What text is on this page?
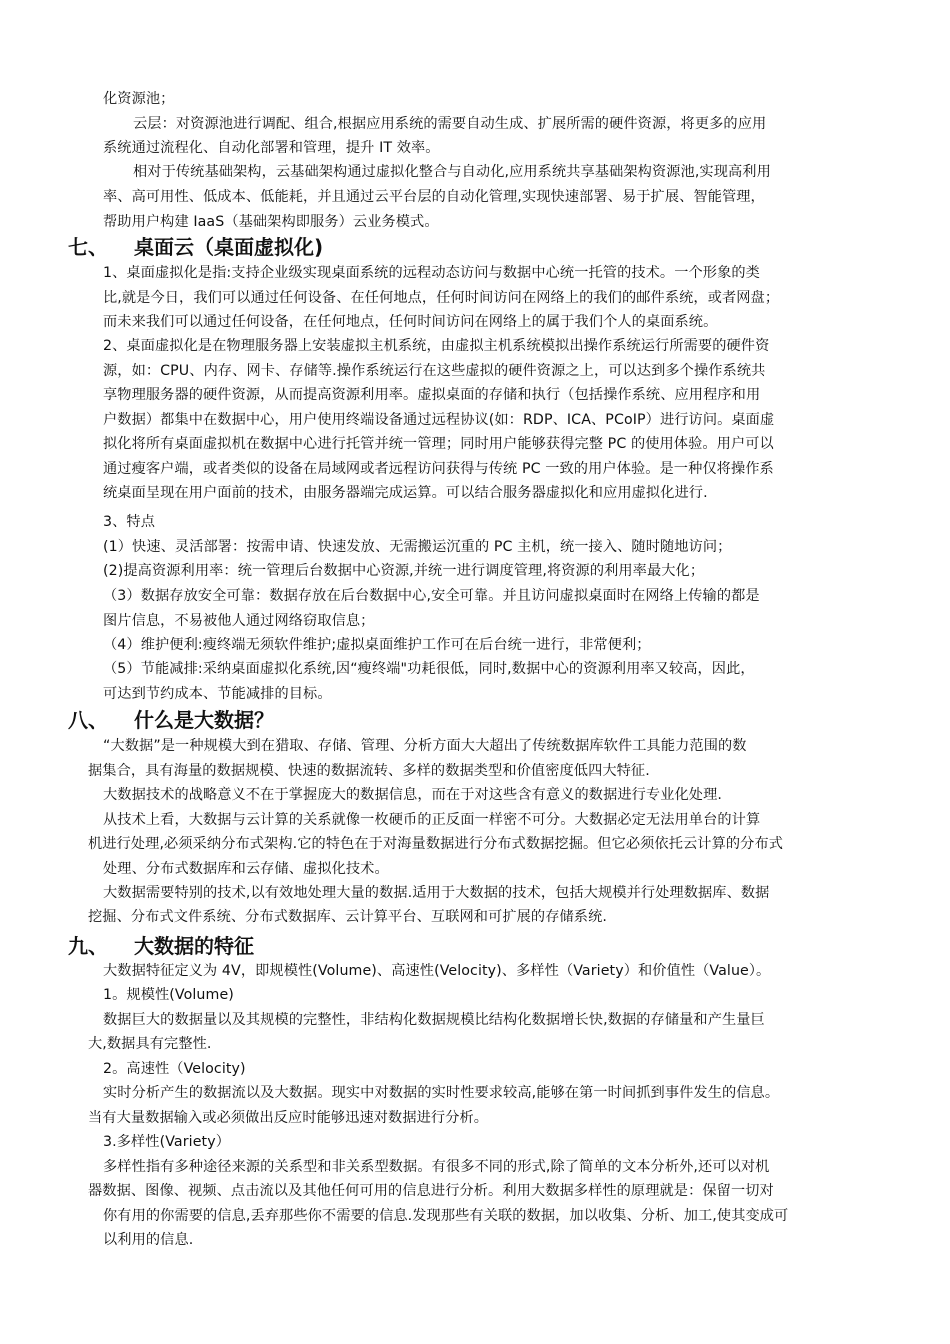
化资源池；
云层：对资源池进行调配、组合,根据应用系统的需要自动生成、扩展所需的硬件资源，将更多的应用
系统通过流程化、自动化部署和管理，提升 IT 效率。
相对于传统基础架构，云基础架构通过虚拟化整合与自动化,应用系统共享基础架构资源池,实现高利用
率、高可用性、低成本、低能耗，并且通过云平台层的自动化管理,实现快速部署、易于扩展、智能管理，
帮助用户构建 IaaS（基础架构即服务）云业务模式。
七、 桌面云（桌面虚拟化)
1、桌面虚拟化是指:支持企业级实现桌面系统的远程动态访问与数据中心统一托管的技术。一个形象的类
比,就是今日，我们可以通过任何设备、在任何地点，任何时间访问在网络上的我们的邮件系统，或者网盘；
而未来我们可以通过任何设备，在任何地点，任何时间访问在网络上的属于我们个人的桌面系统。
2、桌面虚拟化是在物理服务器上安装虚拟主机系统，由虚拟主机系统模拟出操作系统运行所需要的硬件资
源，如：CPU、内存、网卡、存储等.操作系统运行在这些虚拟的硬件资源之上，可以达到多个操作系统共
享物理服务器的硬件资源，从而提高资源利用率。虚拟桌面的存储和执行（包括操作系统、应用程序和用
户数据）都集中在数据中心，用户使用终端设备通过远程协议(如：RDP、ICA、PCoIP）进行访问。桌面虚
拟化将所有桌面虚拟机在数据中心进行托管并统一管理；同时用户能够获得完整 PC 的使用体验。用户可以
通过瘦客户端，或者类似的设备在局域网或者远程访问获得与传统 PC 一致的用户体验。是一种仅将操作系
统桌面呈现在用户面前的技术，由服务器端完成运算。可以结合服务器虚拟化和应用虚拟化进行.
3、特点
(1）快速、灵活部署：按需申请、快速发放、无需搬运沉重的 PC 主机，统一接入、随时随地访问；
(2)提高资源利用率：统一管理后台数据中心资源,并统一进行调度管理,将资源的利用率最大化；
（3）数据存放安全可靠：数据存放在后台数据中心,安全可靠。并且访问虚拟桌面时在网络上传输的都是
图片信息，不易被他人通过网络窃取信息；
（4）维护便利:瘦终端无须软件维护;虚拟桌面维护工作可在后台统一进行，非常便利；
（5）节能减排:采纳桌面虚拟化系统,因“瘦终端"功耗很低，同时,数据中心的资源利用率又较高，因此，
可达到节约成本、节能减排的目标。
八、 什么是大数据？
“大数据”是一种规模大到在猎取、存储、管理、分析方面大大超出了传统数据库软件工具能力范围的数
据集合，具有海量的数据规模、快速的数据流转、多样的数据类型和价值密度低四大特征.
大数据技术的战略意义不在于掌握庞大的数据信息，而在于对这些含有意义的数据进行专业化处理.
从技术上看，大数据与云计算的关系就像一枚硬币的正反面一样密不可分。大数据必定无法用单台的计算
机进行处理,必须采纳分布式架构.它的特色在于对海量数据进行分布式数据挖掘。但它必须依托云计算的分布式
处理、分布式数据库和云存储、虚拟化技术。
大数据需要特别的技术,以有效地处理大量的数据.适用于大数据的技术，包括大规模并行处理数据库、数据
挖掘、分布式文件系统、分布式数据库、云计算平台、互联网和可扩展的存储系统.
九、 大数据的特征
大数据特征定义为 4V，即规模性(Volume)、高速性(Velocity)、多样性（Variety）和价值性（Value）。
1。规模性(Volume)
数据巨大的数据量以及其规模的完整性，非结构化数据规模比结构化数据增长快,数据的存储量和产生量巨
大,数据具有完整性.
2。高速性（Velocity)
实时分析产生的数据流以及大数据。现实中对数据的实时性要求较高,能够在第一时间抓到事件发生的信息。
当有大量数据输入或必须做出反应时能够迅速对数据进行分析。
3.多样性(Variety）
多样性指有多种途径来源的关系型和非关系型数据。有很多不同的形式,除了简单的文本分析外,还可以对机
器数据、图像、视频、点击流以及其他任何可用的信息进行分析。利用大数据多样性的原理就是：保留一切对
你有用的你需要的信息,丢弃那些你不需要的信息.发现那些有关联的数据，加以收集、分析、加工,使其变成可
以利用的信息.
